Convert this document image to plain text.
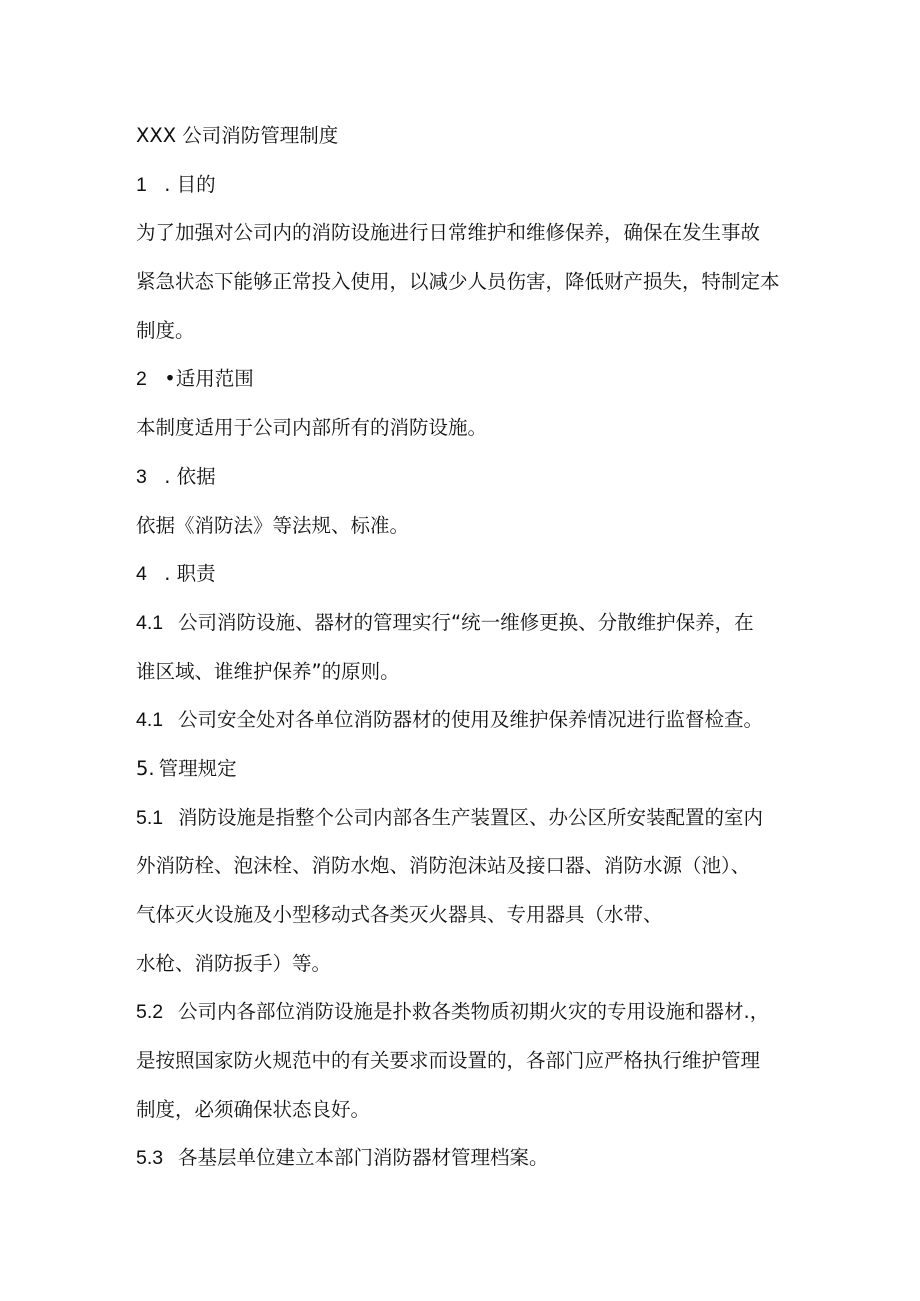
XXX 公司消防管理制度
1 . 目的
为了加强对公司内的消防设施进行日常维护和维修保养，确保在发生事故
紧急状态下能够正常投入使用，以减少人员伤害，降低财产损失，特制定本
制度。
2 •适用范围
本制度适用于公司内部所有的消防设施。
3 . 依据
依据《消防法》等法规、标准。
4 . 职责
4.1 公司消防设施、器材的管理实行“统一维修更换、分散维护保养，在
谁区域、谁维护保养”的原则。
4.1 公司安全处对各单位消防器材的使用及维护保养情况进行监督检查。
5. 管理规定
5.1 消防设施是指整个公司内部各生产装置区、办公区所安装配置的室内
外消防栓、泡沫栓、消防水炮、消防泡沫站及接口器、消防水源（池）、
气体灭火设施及小型移动式各类灭火器具、专用器具（水带、
水枪、消防扳手）等。
5.2 公司内各部位消防设施是扑救各类物质初期火灾的专用设施和器材.，
是按照国家防火规范中的有关要求而设置的，各部门应严格执行维护管理
制度，必须确保状态良好。
5.3 各基层单位建立本部门消防器材管理档案。
